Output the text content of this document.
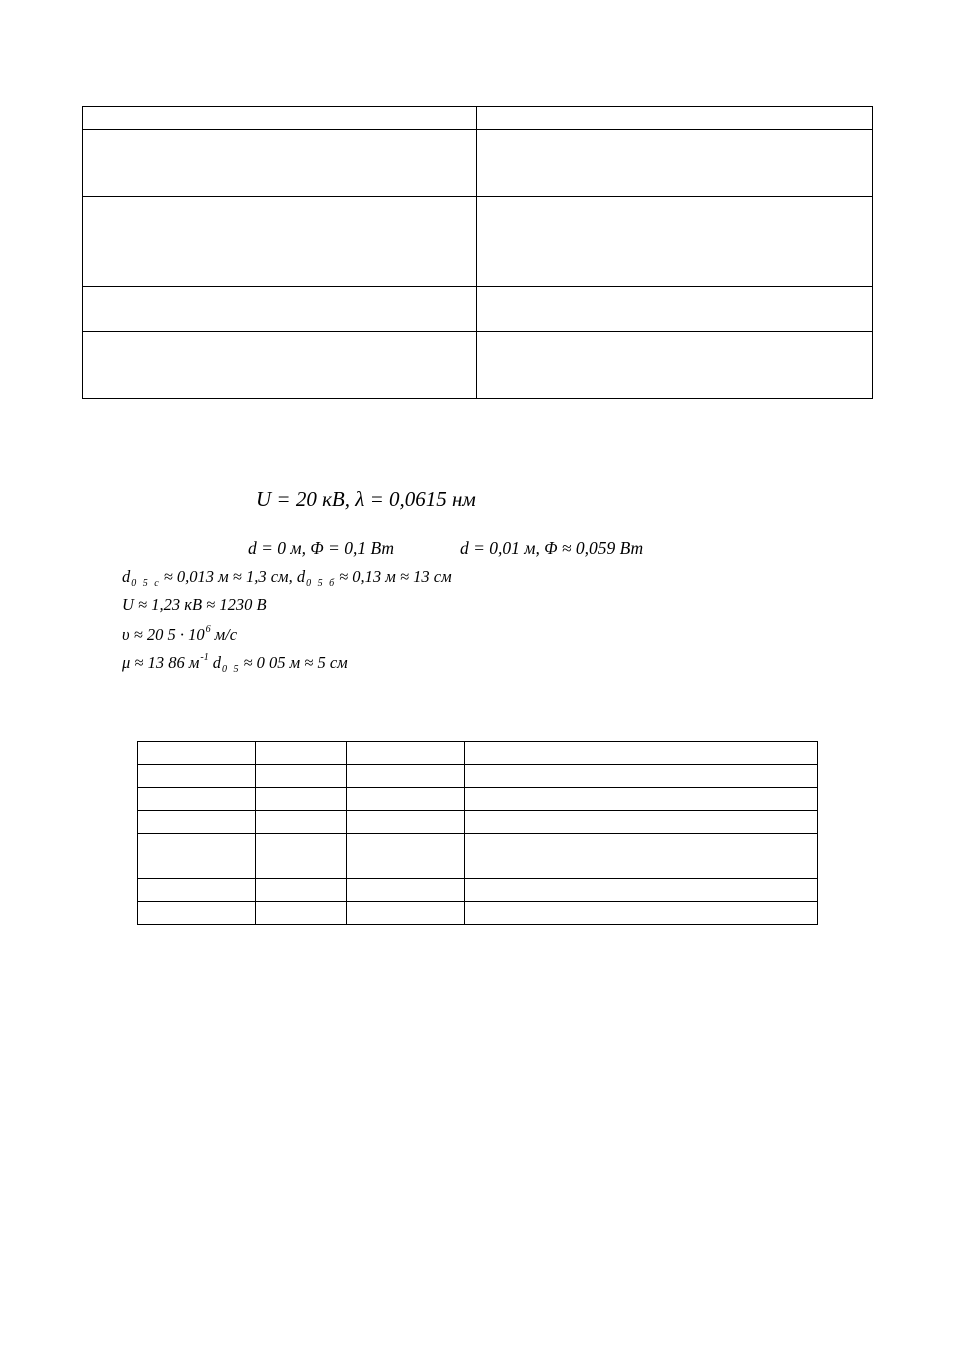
U = 20 кВ, λ = 0,0615 нм
d = 0 м, Φ = 0,1 Вт	d = 0,01 м, Φ ≈ 0,059 Вт
$d_{0 5 с} \approx 0,013$ м ≈ 1,3 см, $d_{0 5 б} \approx 0,13$ м ≈ 13 см
U ≈ 1,23 кВ ≈ 1230 В
υ ≈ 20 $5 \cdot 10^6$ м/с
μ ≈ 13 86 $м^{-1}$ $d_{0 5} \approx 0$ 05 м ≈ 5 см
